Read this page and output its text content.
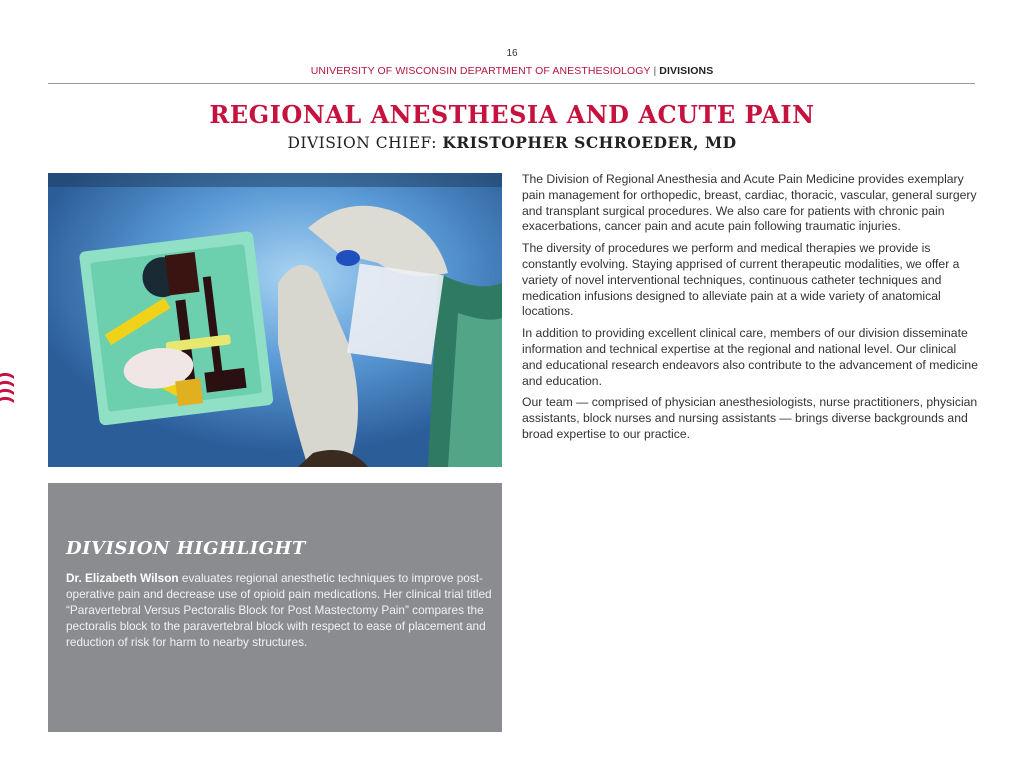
16
UNIVERSITY OF WISCONSIN DEPARTMENT OF ANESTHESIOLOGY | DIVISIONS
REGIONAL ANESTHESIA AND ACUTE PAIN
DIVISION CHIEF: KRISTOPHER SCHROEDER, MD

The Division of Regional Anesthesia and Acute Pain Medicine provides exemplary pain management for orthopedic, breast, cardiac, thoracic, vascular, general surgery and transplant surgical procedures. We also care for patients with chronic pain exacerbations, cancer pain and acute pain following traumatic injuries.

The diversity of procedures we perform and medical therapies we provide is constantly evolving. Staying apprised of current therapeutic modalities, we offer a variety of novel interventional techniques, continuous catheter techniques and medication infusions designed to alleviate pain at a wide variety of anatomical locations.

In addition to providing excellent clinical care, members of our division disseminate information and technical expertise at the regional and national level. Our clinical and educational research endeavors also contribute to the advancement of medicine and education.

Our team — comprised of physician anesthesiologists, nurse practitioners, physician assistants, block nurses and nursing assistants — brings diverse backgrounds and broad expertise to our practice.

DIVISION HIGHLIGHT
Dr. Elizabeth Wilson evaluates regional anesthetic techniques to improve post-operative pain and decrease use of opioid pain medications. Her clinical trial titled “Paravertebral Versus Pectoralis Block for Post Mastectomy Pain” compares the pectoralis block to the paravertebral block with respect to ease of placement and reduction of risk for harm to nearby structures.
